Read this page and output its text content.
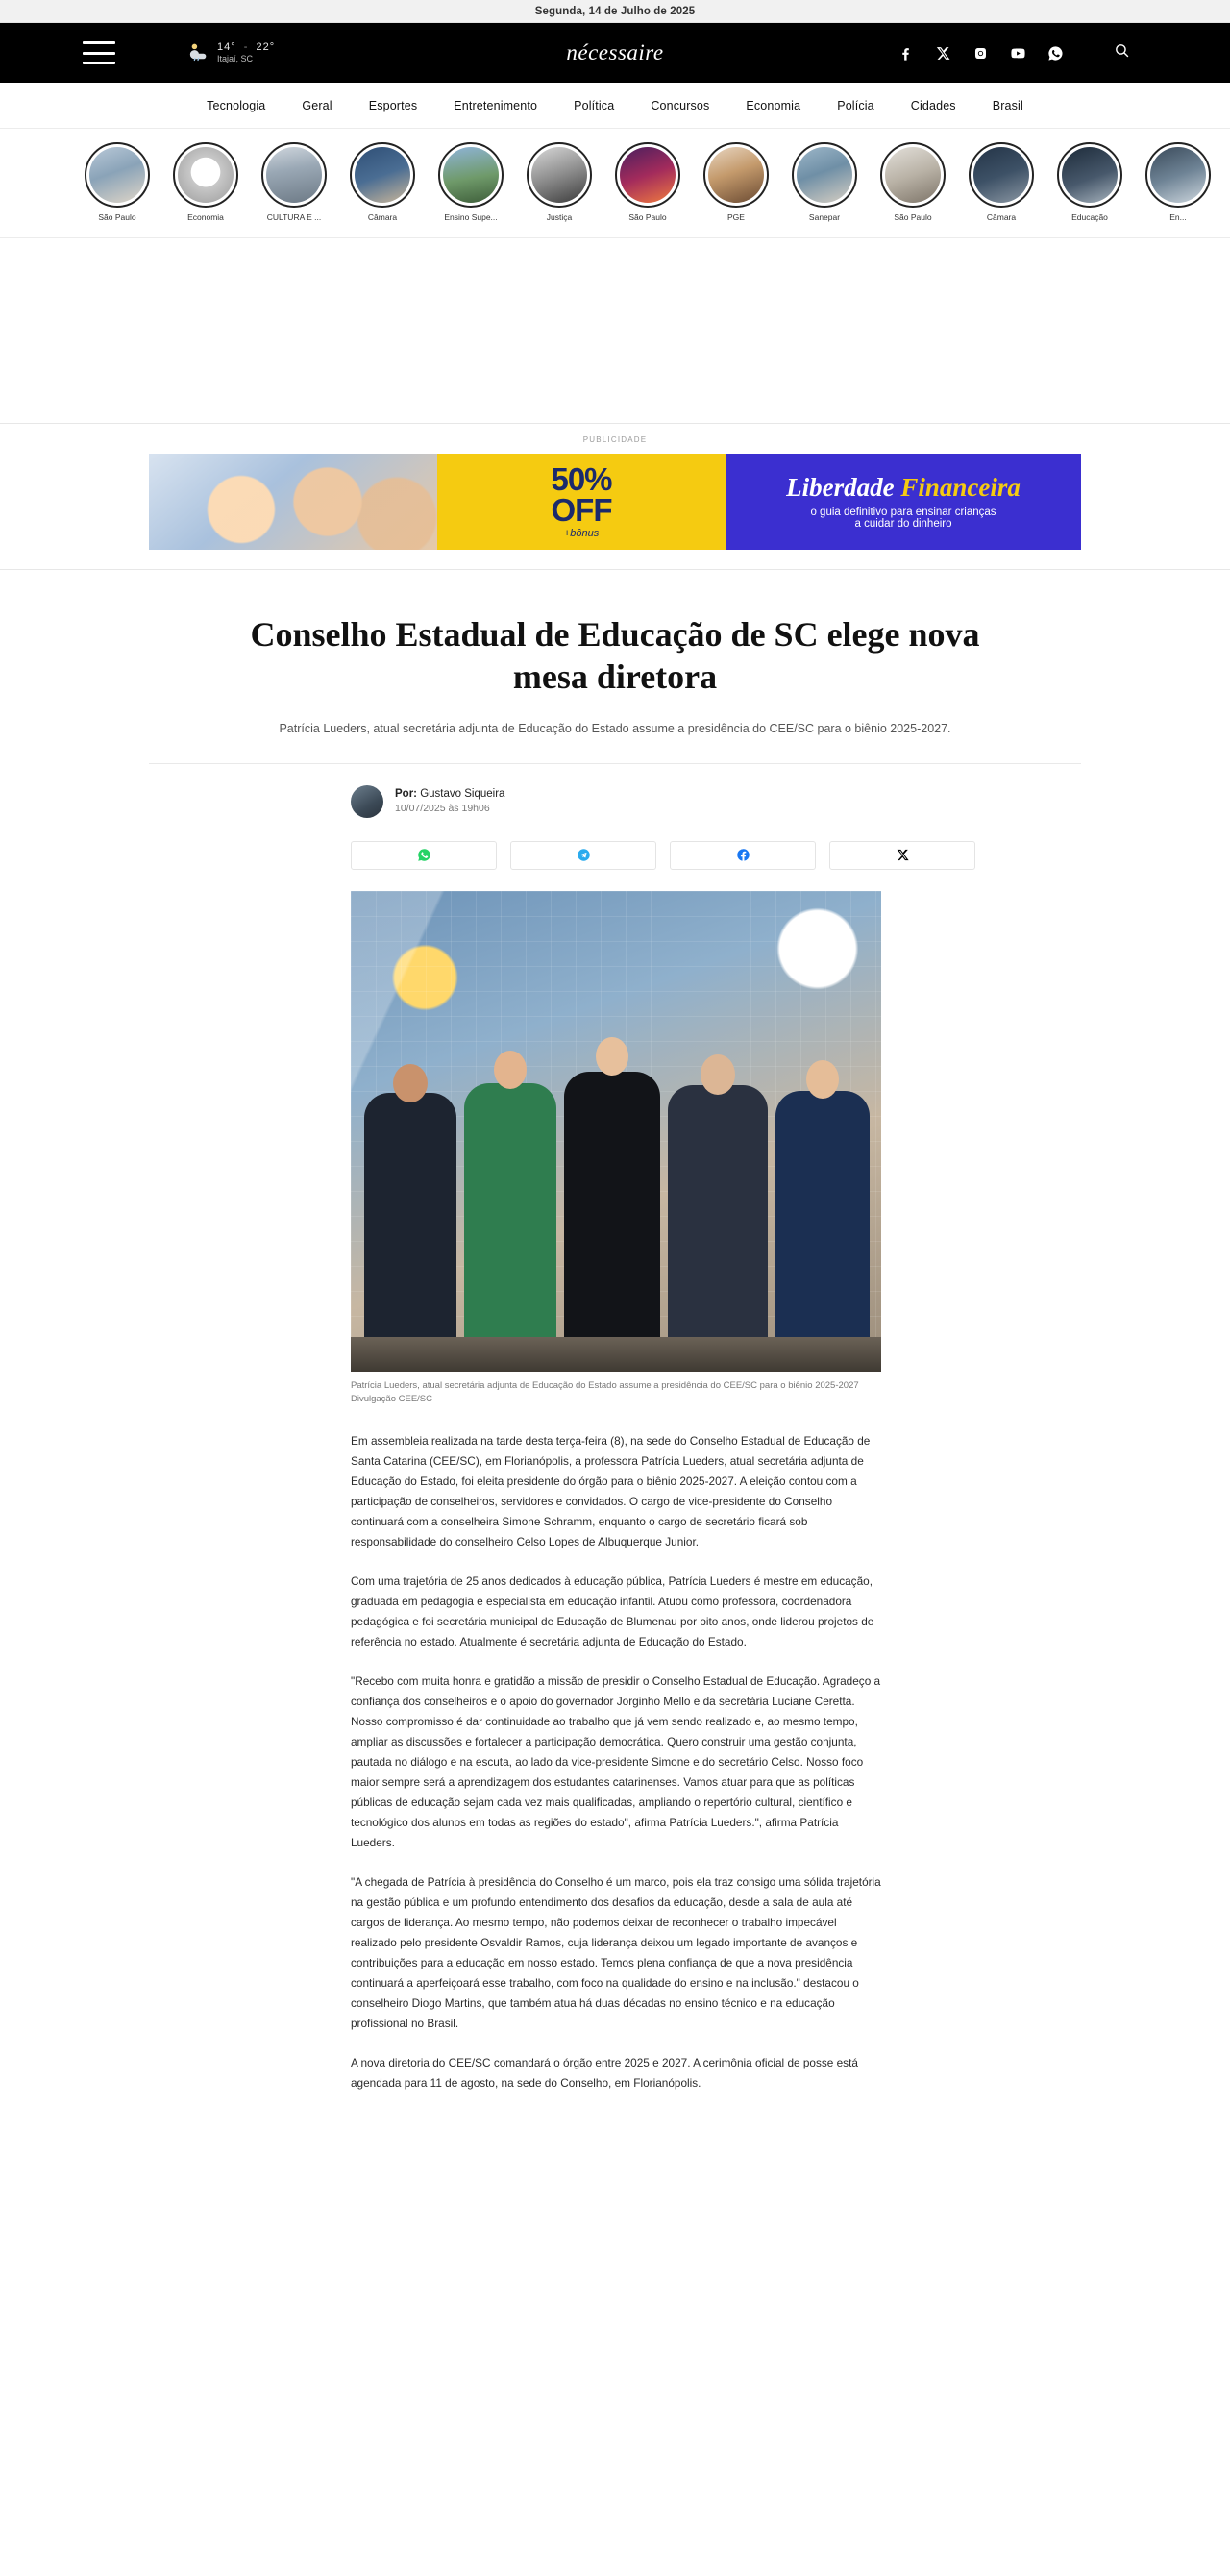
Segunda, 14 de Julho de 2025
14° - 22°
Itajaí, SC	nécessaire
Tecnologia	Geral	Esportes	Entretenimento	Política	Concursos	Economia	Polícia	Cidades	Brasil
São Paulo	Economia	CULTURA E ...	Câmara	Ensino Supe...	Justiça	São Paulo	PGE	Sanepar	São Paulo	Câmara	Educação	En...
PUBLICIDADE
50%
OFF
+bônus
Liberdade Financeira
o guia definitivo para ensinar crianças
a cuidar do dinheiro
Conselho Estadual de Educação de SC elege nova mesa diretora
Patrícia Lueders, atual secretária adjunta de Educação do Estado assume a presidência do CEE/SC para o biênio 2025-2027.
Por: Gustavo Siqueira
10/07/2025 às 19h06
Patrícia Lueders, atual secretária adjunta de Educação do Estado assume a presidência do CEE/SC para o biênio 2025-2027 Divulgação CEE/SC

Em assembleia realizada na tarde desta terça-feira (8), na sede do Conselho Estadual de Educação de Santa Catarina (CEE/SC), em Florianópolis, a professora Patrícia Lueders, atual secretária adjunta de Educação do Estado, foi eleita presidente do órgão para o biênio 2025-2027. A eleição contou com a participação de conselheiros, servidores e convidados. O cargo de vice-presidente do Conselho continuará com a conselheira Simone Schramm, enquanto o cargo de secretário ficará sob responsabilidade do conselheiro Celso Lopes de Albuquerque Junior.

Com uma trajetória de 25 anos dedicados à educação pública, Patrícia Lueders é mestre em educação, graduada em pedagogia e especialista em educação infantil. Atuou como professora, coordenadora pedagógica e foi secretária municipal de Educação de Blumenau por oito anos, onde liderou projetos de referência no estado. Atualmente é secretária adjunta de Educação do Estado.

"Recebo com muita honra e gratidão a missão de presidir o Conselho Estadual de Educação. Agradeço a confiança dos conselheiros e o apoio do governador Jorginho Mello e da secretária Luciane Ceretta. Nosso compromisso é dar continuidade ao trabalho que já vem sendo realizado e, ao mesmo tempo, ampliar as discussões e fortalecer a participação democrática. Quero construir uma gestão conjunta, pautada no diálogo e na escuta, ao lado da vice-presidente Simone e do secretário Celso. Nosso foco maior sempre será a aprendizagem dos estudantes catarinenses. Vamos atuar para que as políticas públicas de educação sejam cada vez mais qualificadas, ampliando o repertório cultural, científico e tecnológico dos alunos em todas as regiões do estado", afirma Patrícia Lueders.", afirma Patrícia Lueders.

"A chegada de Patrícia à presidência do Conselho é um marco, pois ela traz consigo uma sólida trajetória na gestão pública e um profundo entendimento dos desafios da educação, desde a sala de aula até cargos de liderança. Ao mesmo tempo, não podemos deixar de reconhecer o trabalho impecável realizado pelo presidente Osvaldir Ramos, cuja liderança deixou um legado importante de avanços e contribuições para a educação em nosso estado. Temos plena confiança de que a nova presidência continuará a aperfeiçoará esse trabalho, com foco na qualidade do ensino e na inclusão." destacou o conselheiro Diogo Martins, que também atua há duas décadas no ensino técnico e na educação profissional no Brasil.

A nova diretoria do CEE/SC comandará o órgão entre 2025 e 2027. A cerimônia oficial de posse está agendada para 11 de agosto, na sede do Conselho, em Florianópolis.
